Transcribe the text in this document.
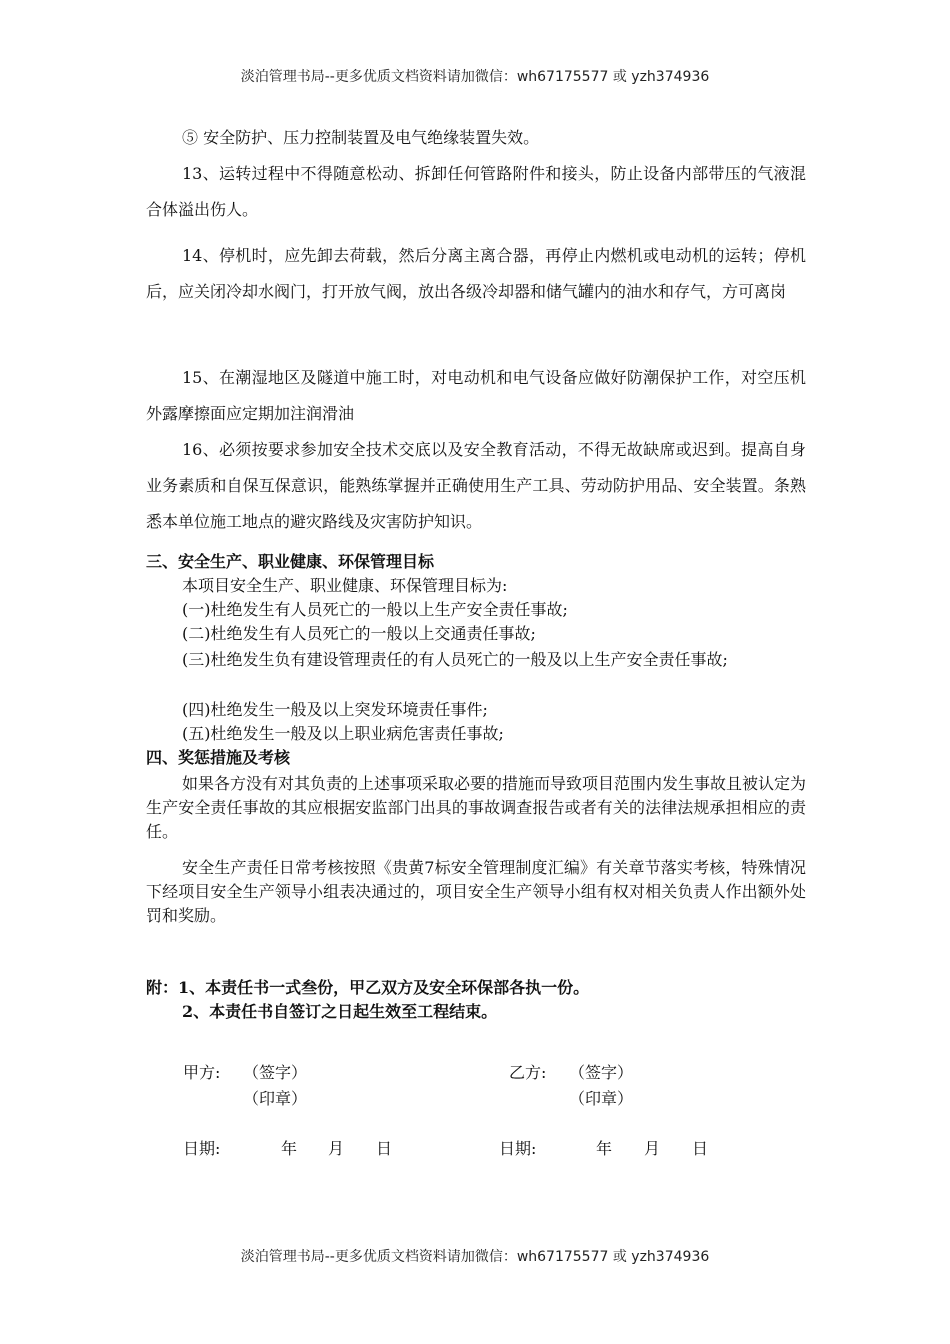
淡泊管理书局--更多优质文档资料请加微信：wh67175577 或 yzh374936

⑤ 安全防护、压力控制装置及电气绝缘装置失效。

13、运转过程中不得随意松动、拆卸任何管路附件和接头，防止设备内部带压的气液混合体溢出伤人。

14、停机时，应先卸去荷载，然后分离主离合器，再停止内燃机或电动机的运转；停机后，应关闭冷却水阀门，打开放气阀，放出各级冷却器和储气罐内的油水和存气，方可离岗

15、在潮湿地区及隧道中施工时，对电动机和电气设备应做好防潮保护工作，对空压机外露摩擦面应定期加注润滑油

16、必须按要求参加安全技术交底以及安全教育活动，不得无故缺席或迟到。提高自身业务素质和自保互保意识，能熟练掌握并正确使用生产工具、劳动防护用品、安全装置。条熟悉本单位施工地点的避灾路线及灾害防护知识。

三、安全生产、职业健康、环保管理目标

本项目安全生产、职业健康、环保管理目标为:

(一)杜绝发生有人员死亡的一般以上生产安全责任事故;

(二)杜绝发生有人员死亡的一般以上交通责任事故;

(三)杜绝发生负有建设管理责任的有人员死亡的一般及以上生产安全责任事故;

(四)杜绝发生一般及以上突发环境责任事件;

(五)杜绝发生一般及以上职业病危害责任事故;

四、奖惩措施及考核

如果各方没有对其负责的上述事项采取必要的措施而导致项目范围内发生事故且被认定为生产安全责任事故的其应根据安监部门出具的事故调查报告或者有关的法律法规承担相应的责任。

安全生产责任日常考核按照《贵黄7标安全管理制度汇编》有关章节落实考核，特殊情况下经项目安全生产领导小组表决通过的，项目安全生产领导小组有权对相关负责人作出额外处罚和奖励。

附：1、本责任书一式叁份，甲乙双方及安全环保部各执一份。

2、本责任书自签订之日起生效至工程结束。

甲方: （签字）
（印章）
乙方: （签字）
（印章）
日期:	年 月 日	日期:	年 月 日
淡泊管理书局--更多优质文档资料请加微信：wh67175577 或 yzh374936
